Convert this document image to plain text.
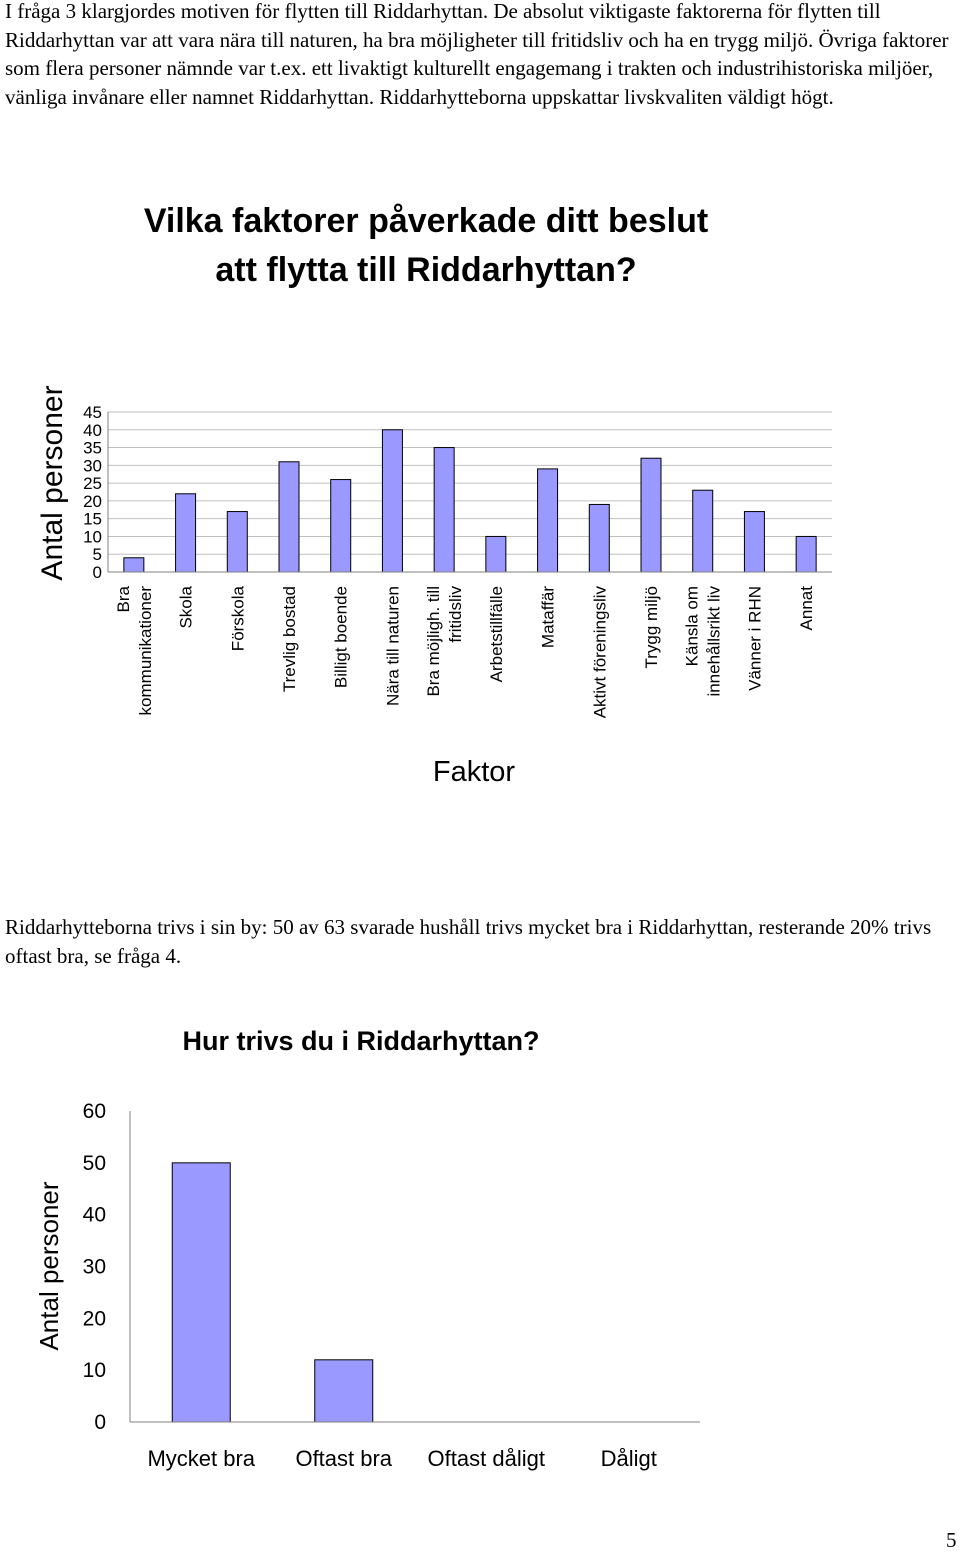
I fråga 3 klargjordes motiven för flytten till Riddarhyttan. De absolut viktigaste faktorerna för flytten till Riddarhyttan var att vara nära till naturen, ha bra möjligheter till fritidsliv och ha en trygg miljö. Övriga faktorer som flera personer nämnde var t.ex. ett livaktigt kulturellt engagemang i trakten och industrihistoriska miljöer, vänliga invånare eller namnet Riddarhyttan. Riddarhytteborna uppskattar livskvaliten väldigt högt.

Vilka faktorer påverkade ditt beslut
att flytta till Riddarhyttan?
0
5
10
15
20
25
30
35
40
45
Bra kommunikationer Skola Förskola Trevlig bostad Billigt boende Nära till naturen Bra möjligh. till fritidsliv Arbetstillfälle Mataffär Aktivt föreningsliv Trygg miljö Känsla om innehållsrikt liv Vänner i RHN Annat
Antal personer
Faktor

Riddarhytteborna trivs i sin by: 50 av 63 svarade hushåll trivs mycket bra i Riddarhyttan, resterande 20% trivs oftast bra, se fråga 4.

Hur trivs du i Riddarhyttan?
0
10
20
30
40
50
60
Mycket bra Oftast bra Oftast dåligt	Dåligt
Antal personer
5
